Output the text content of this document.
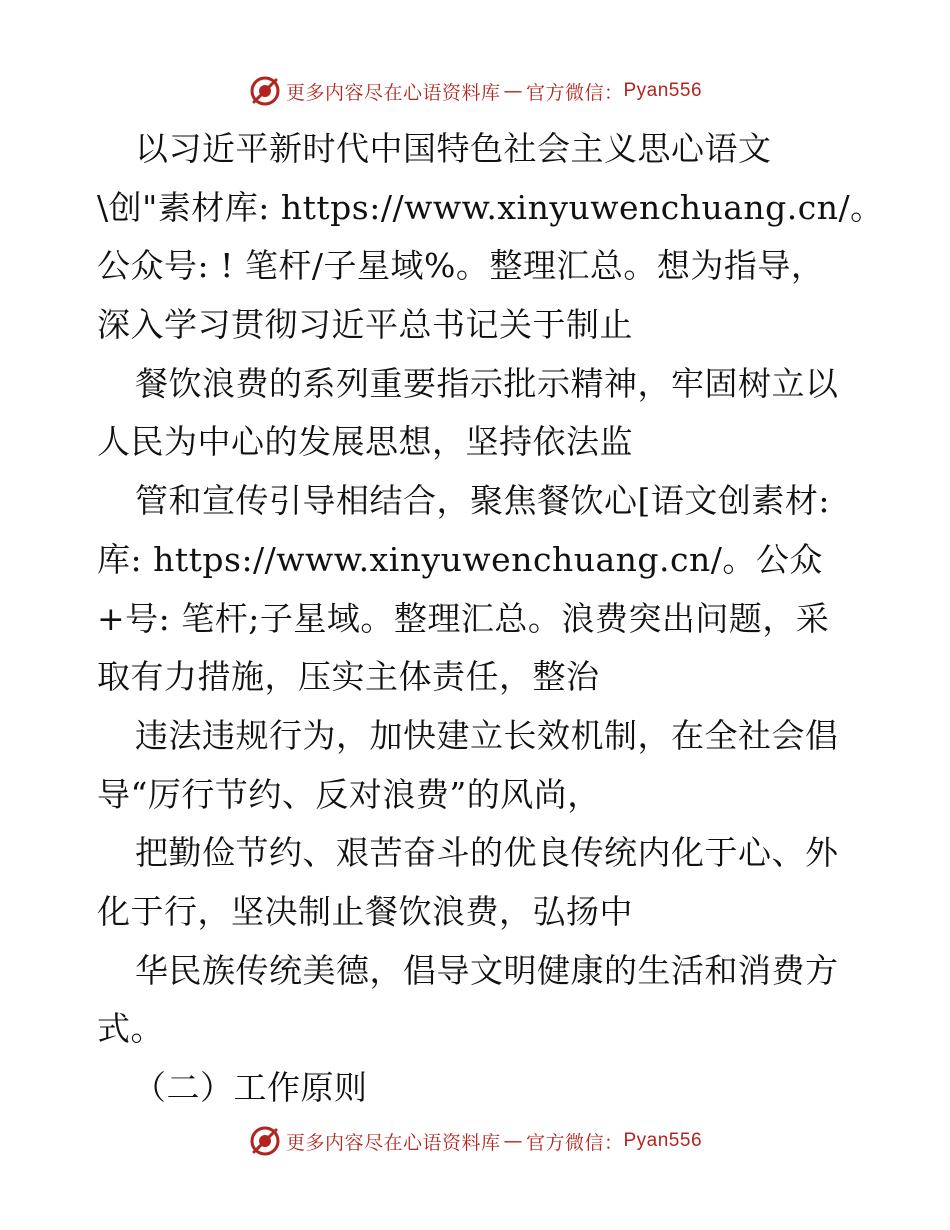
更多内容尽在心语资料库 — 官方微信： Pyan556
以习近平新时代中国特色社会主义思心语文
\创"素材库: https://www.xinyuwenchuang.cn/。
公众号: ! 笔杆/子星域%。整理汇总。想为指导，
深入学习贯彻习近平总书记关于制止
餐饮浪费的系列重要指示批示精神，牢固树立以
人民为中心的发展思想，坚持依法监
管和宣传引导相结合，聚焦餐饮心[语文创素材:
库: https://www.xinyuwenchuang.cn/。公众
+号: 笔杆;子星域。整理汇总。浪费突出问题，采
取有力措施，压实主体责任，整治
违法违规行为，加快建立长效机制，在全社会倡
导“厉行节约、反对浪费”的风尚，
把勤俭节约、艰苦奋斗的优良传统内化于心、外
化于行，坚决制止餐饮浪费，弘扬中
华民族传统美德，倡导文明健康的生活和消费方
式。
（二）工作原则
更多内容尽在心语资料库 — 官方微信： Pyan556
